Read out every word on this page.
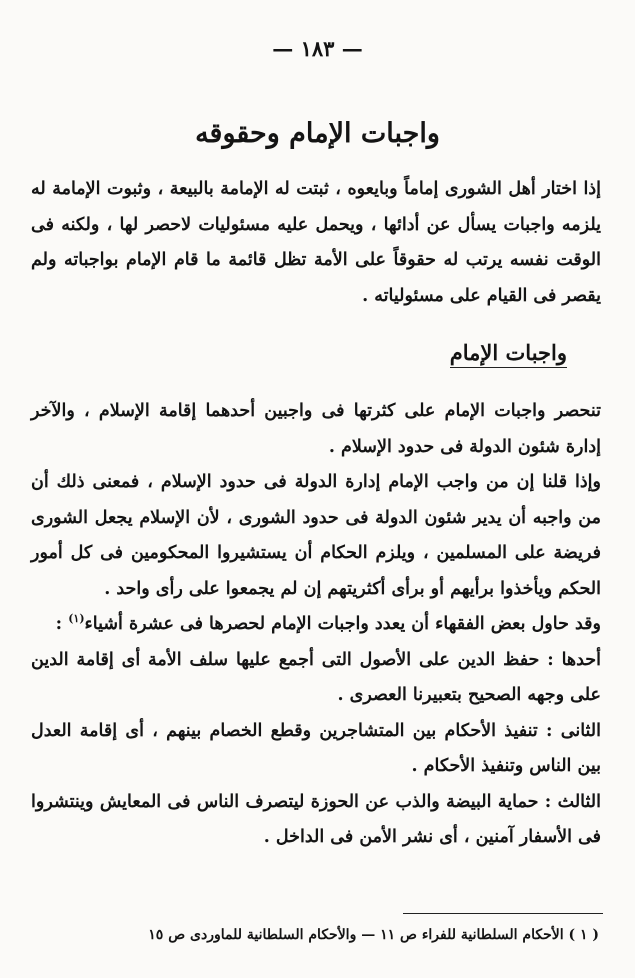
— ١٨٣ —
واجبات الإمام وحقوقه

إذا اختار أهل الشورى إماماً وبايعوه ، ثبتت له الإمامة بالبيعة ، وثبوت الإمامة له يلزمه واجبات يسأل عن أدائها ، ويحمل عليه مسئوليات لاحصر لها ، ولكنه فى الوقت نفسه يرتب له حقوقاً على الأمة تظل قائمة ما قام الإمام بواجباته ولم يقصر فى القيام على مسئولياته .

واجبات الإمام

تنحصر واجبات الإمام على كثرتها فى واجبين أحدهما إقامة الإسلام ، والآخر إدارة شئون الدولة فى حدود الإسلام .

وإذا قلنا إن من واجب الإمام إدارة الدولة فى حدود الإسلام ، فمعنى ذلك أن من واجبه أن يدير شئون الدولة فى حدود الشورى ، لأن الإسلام يجعل الشورى فريضة على المسلمين ، ويلزم الحكام أن يستشيروا المحكومين فى كل أمور الحكم ويأخذوا برأيهم أو برأى أكثريتهم إن لم يجمعوا على رأى واحد .

وقد حاول بعض الفقهاء أن يعدد واجبات الإمام لحصرها فى عشرة أشياء$^{(١)}$ :

أحدها : حفظ الدين على الأصول التى أجمع عليها سلف الأمة أى إقامة الدين على وجهه الصحيح بتعبيرنا العصرى .

الثانى : تنفيذ الأحكام بين المتشاجرين وقطع الخصام بينهم ، أى إقامة العدل بين الناس وتنفيذ الأحكام .

الثالث : حماية البيضة والذب عن الحوزة ليتصرف الناس فى المعايش وينتشروا فى الأسفار آمنين ، أى نشر الأمن فى الداخل .

( ١ ) الأحكام السلطانية للفراء ص ١١ — والأحكام السلطانية للماوردى ص ١٥
